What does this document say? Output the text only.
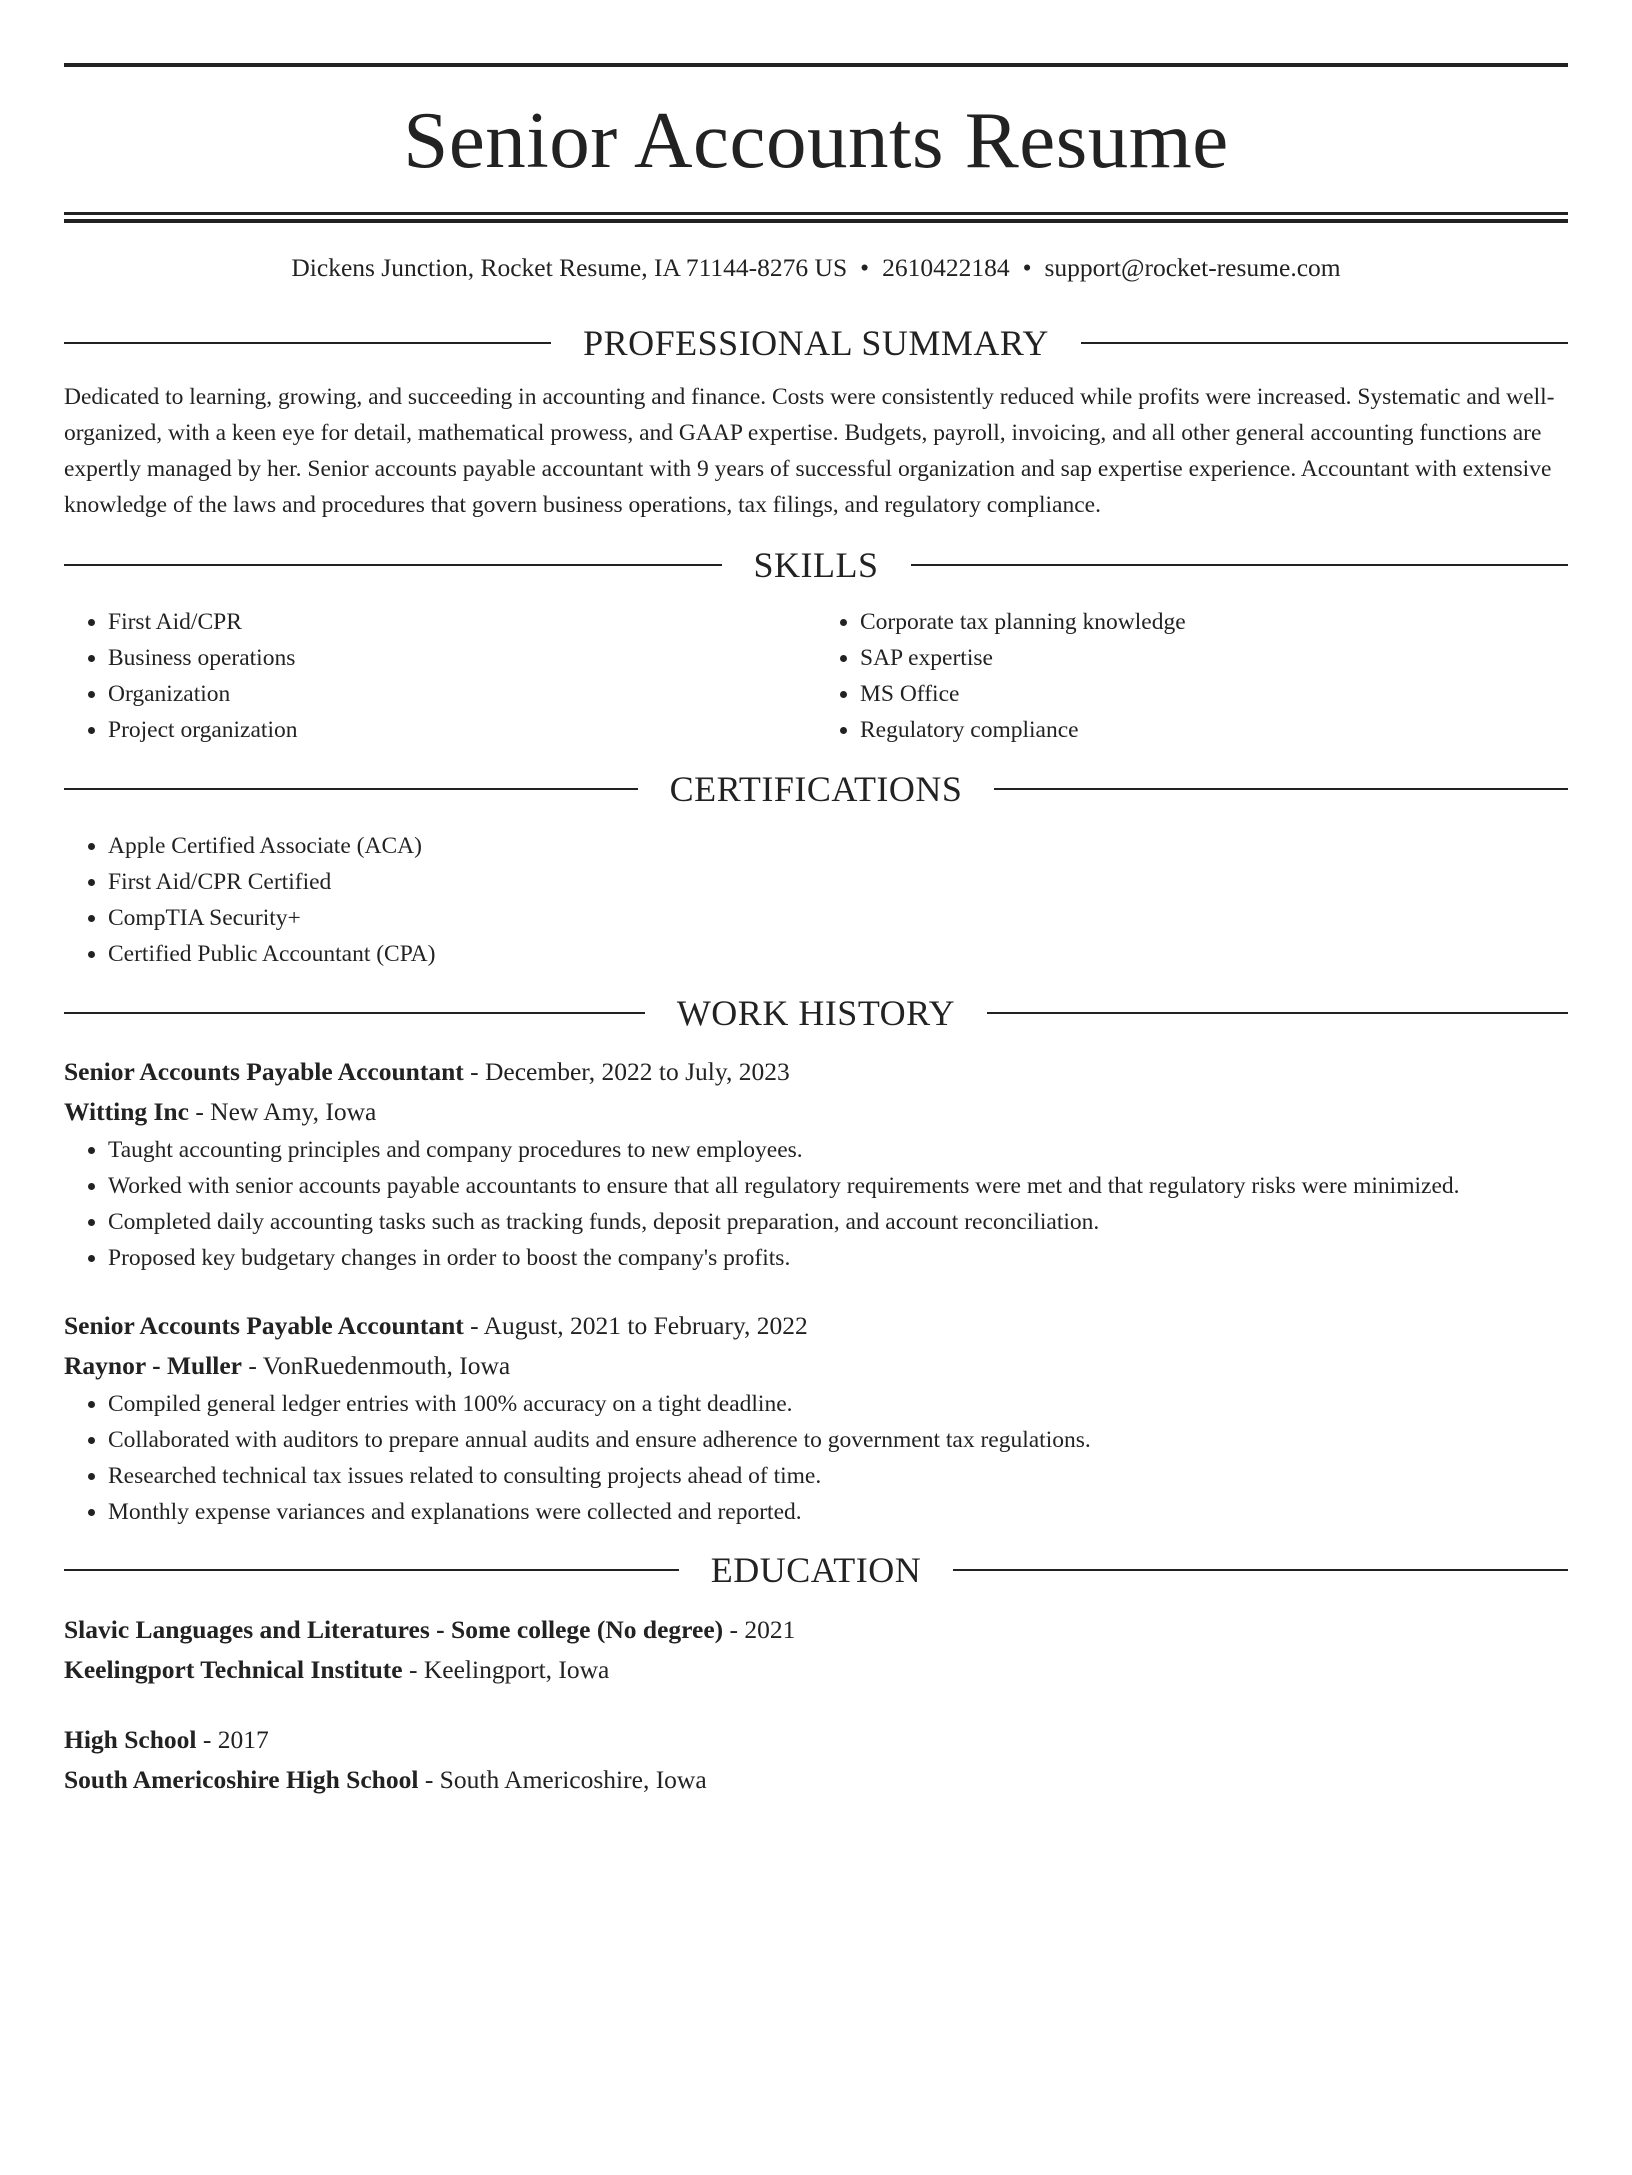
Senior Accounts Resume
Dickens Junction, Rocket Resume, IA 71144-8276 US • 2610422184 • support@rocket-resume.com
PROFESSIONAL SUMMARY
Dedicated to learning, growing, and succeeding in accounting and finance. Costs were consistently reduced while profits were increased. Systematic and well-organized, with a keen eye for detail, mathematical prowess, and GAAP expertise. Budgets, payroll, invoicing, and all other general accounting functions are expertly managed by her. Senior accounts payable accountant with 9 years of successful organization and sap expertise experience. Accountant with extensive knowledge of the laws and procedures that govern business operations, tax filings, and regulatory compliance.
SKILLS
• First Aid/CPR
• Business operations
• Organization
• Project organization
• Corporate tax planning knowledge
• SAP expertise
• MS Office
• Regulatory compliance
CERTIFICATIONS
• Apple Certified Associate (ACA)
• First Aid/CPR Certified
• CompTIA Security+
• Certified Public Accountant (CPA)
WORK HISTORY
Senior Accounts Payable Accountant - December, 2022 to July, 2023
Witting Inc - New Amy, Iowa
• Taught accounting principles and company procedures to new employees.
• Worked with senior accounts payable accountants to ensure that all regulatory requirements were met and that regulatory risks were minimized.
• Completed daily accounting tasks such as tracking funds, deposit preparation, and account reconciliation.
• Proposed key budgetary changes in order to boost the company's profits.
Senior Accounts Payable Accountant - August, 2021 to February, 2022
Raynor - Muller - VonRuedenmouth, Iowa
• Compiled general ledger entries with 100% accuracy on a tight deadline.
• Collaborated with auditors to prepare annual audits and ensure adherence to government tax regulations.
• Researched technical tax issues related to consulting projects ahead of time.
• Monthly expense variances and explanations were collected and reported.
EDUCATION
Slavic Languages and Literatures - Some college (No degree) - 2021
Keelingport Technical Institute - Keelingport, Iowa
High School - 2017
South Americoshire High School - South Americoshire, Iowa
